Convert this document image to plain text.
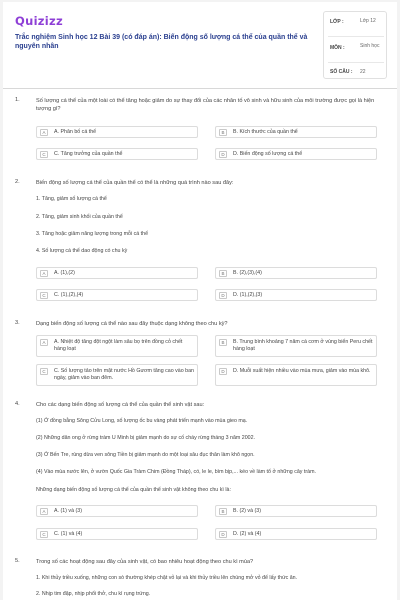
Quizizz
Trắc nghiệm Sinh học 12 Bài 39 (có đáp án): Biến động số lượng cá thể của quần thể và nguyên nhân
LỚP :	Lớp 12
MÔN :	Sinh học
SỐ CÂU : 22
1.	Số lượng cá thể của một loài có thể tăng hoặc giảm do sự thay đổi của các nhân tố vô sinh và hữu sinh của môi trường được gọi là hiện tượng gì?
A	A. Phân bố cá thể	B	B. Kích thước của quần thể
C	C. Tăng trưởng của quần thể	D	D. Biến động số lượng cá thể
2.	Biến động số lượng cá thể của quần thể có thể là những quá trình nào sau đây:
1. Tăng, giảm số lượng cá thể
2. Tăng, giảm sinh khối của quần thể
3. Tăng hoặc giảm năng lượng trong mỗi cá thể
4. Số lượng cá thể dao động có chu kỳ
A	A. (1),(2)	B	B. (2),(3),(4)
C	C. (1),(2),(4)	D	D. (1),(2),(3)
3.	Dạng biến động số lượng cá thể nào sau đây thuộc dạng không theo chu kỳ?
A	A. Nhiệt độ tăng đột ngột làm sâu bọ trên đồng cỏ chết hàng loạt
B	B. Trung bình khoảng 7 năm cá cơm ở vùng biển Peru chết hàng loạt
C	C. Số lượng tảo trên mặt nước Hồ Gươm tăng cao vào ban ngày, giảm vào ban đêm.
D	D. Muỗi xuất hiện nhiều vào mùa mưa, giảm vào mùa khô.
4.	Cho các dạng biến động số lượng cá thể của quần thể sinh vật sau:
(1) Ở đồng bằng Sông Cửu Long, số lượng ốc bu vàng phát triển mạnh vào mùa gieo mạ.
(2) Những dân ong ở rừng tràm U Minh bị giảm mạnh do sự cố cháy rừng tháng 3 năm 2002.
(3) Ở Bến Tre, rùng dừa ven sông Tiền bị giảm mạnh do một loại sâu đục thân làm khô ngọn.
(4) Vào mùa nước lên, ở vườn Quốc Gia Tràm Chim (Đồng Tháp), có, le le, bìm bịp,... kéo về làm tổ ở những cây tràm.
Những dạng biến động số lượng cá thể của quần thể sinh vật không theo chu kì là:
A	A. (1) và (3)	B	B. (2) và (3)
C	C. (1) và (4)	D	D. (2) và (4)
5.	Trong số các hoạt động sau đây của sinh vật, có bao nhiêu hoạt động theo chu kì mùa?
1. Khi thủy triều xuống, những con sò thường khép chặt vỏ lại và khi thủy triều lên chúng mở vỏ để lấy thức ăn.
2. Nhịp tim đập, nhịp phổi thở, chu kì rụng trứng.
